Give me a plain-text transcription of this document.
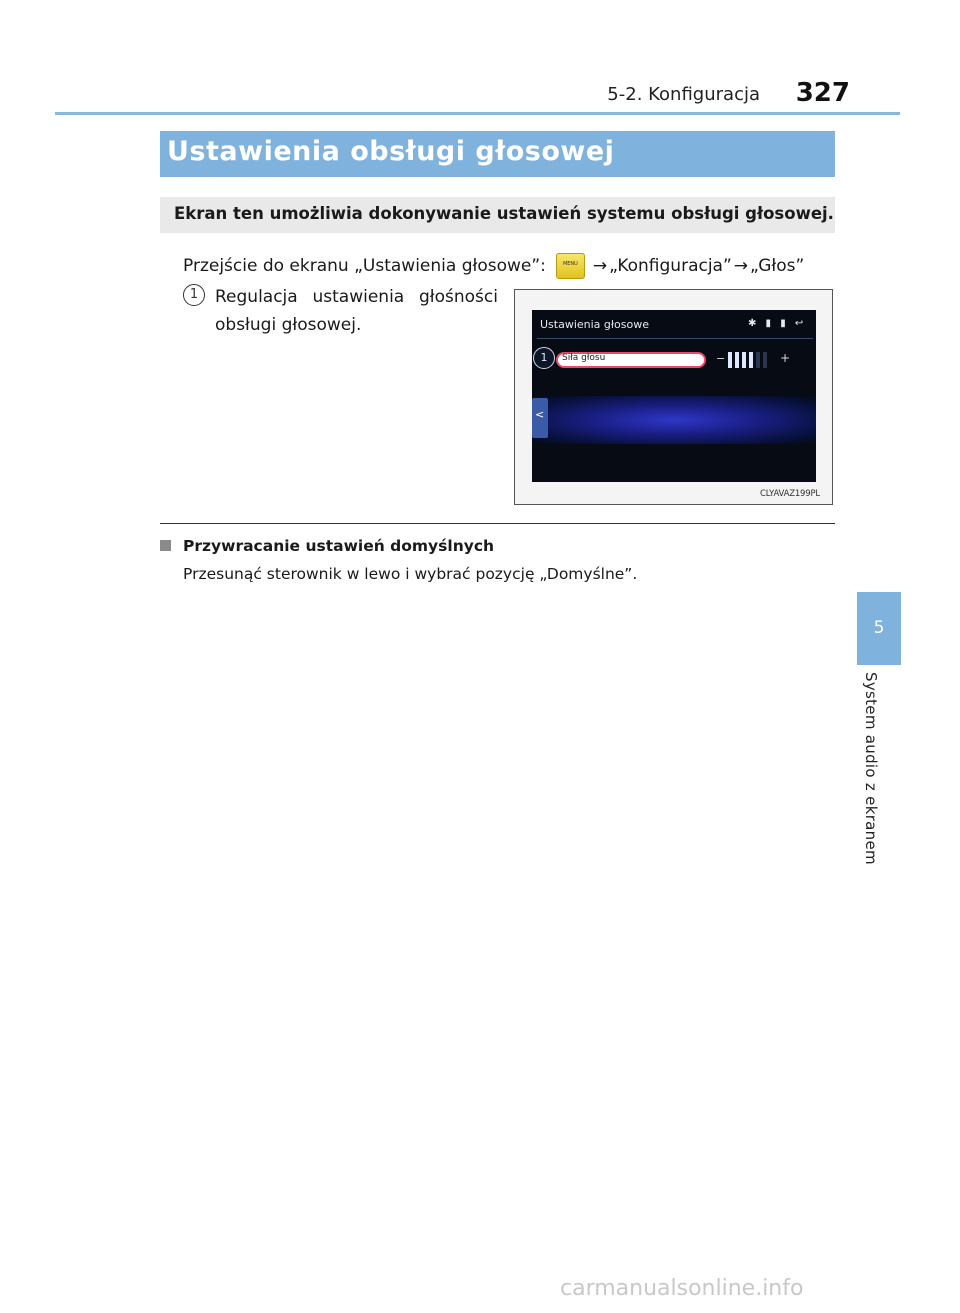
5-2. Konfiguracja	327
5
System audio z ekranem
Ustawienia obsługi głosowej
Ekran ten umożliwia dokonywanie ustawień systemu obsługi głosowej.
Przejście do ekranu „Ustawienia głosowe”:	MENU → „Konfiguracja” → „Głos”
1 Regulacja ustawienia głośności obsługi głosowej.	Ustawienia głosowe	✱ ▮ ▮ ↩
Siła głosu
1	−	+
<
CLYAVAZ199PL
Przywracanie ustawień domyślnych
Przesunąć sterownik w lewo i wybrać pozycję „Domyślne”.
carmanualsonline.info
